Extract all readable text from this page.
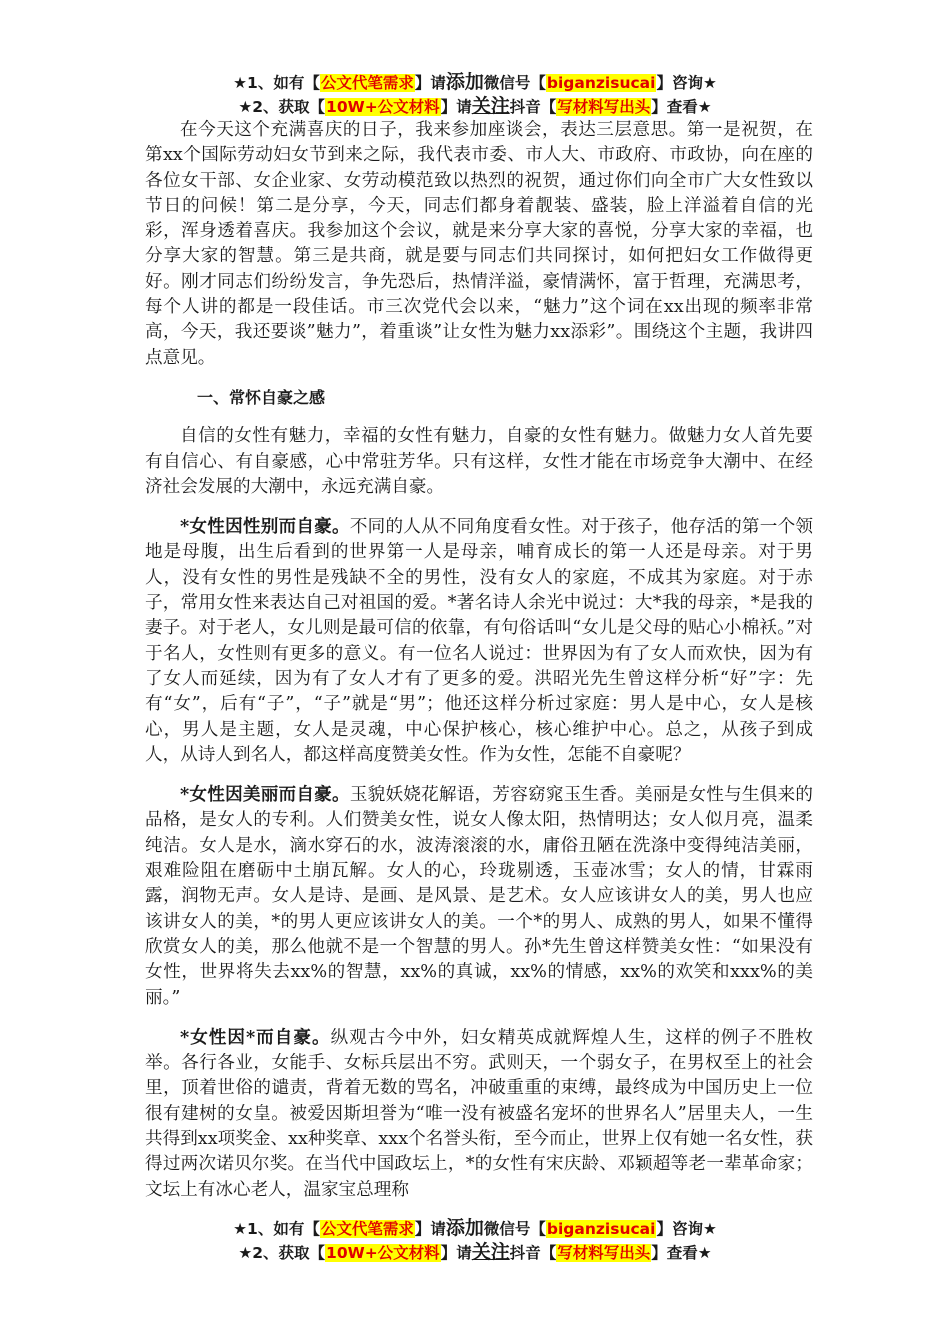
★1、如有【公文代笔需求】请添加微信号【biganzisucai】咨询★
★2、获取【10W+公文材料】请关注抖音【写材料写出头】查看★

在今天这个充满喜庆的日子，我来参加座谈会，表达三层意思。第一是祝贺，在第xx个国际劳动妇女节到来之际，我代表市委、市人大、市政府、市政协，向在座的各位女干部、女企业家、女劳动模范致以热烈的祝贺，通过你们向全市广大女性致以节日的问候！第二是分享，今天，同志们都身着靓装、盛装，脸上洋溢着自信的光彩，浑身透着喜庆。我参加这个会议，就是来分享大家的喜悦，分享大家的幸福，也分享大家的智慧。第三是共商，就是要与同志们共同探讨，如何把妇女工作做得更好。刚才同志们纷纷发言，争先恐后，热情洋溢，豪情满怀，富于哲理，充满思考，每个人讲的都是一段佳话。市三次党代会以来，“魅力”这个词在xx出现的频率非常高，今天，我还要谈”魅力”，着重谈”让女性为魅力xx添彩”。围绕这个主题，我讲四点意见。

一、常怀自豪之感

自信的女性有魅力，幸福的女性有魅力，自豪的女性有魅力。做魅力女人首先要有自信心、有自豪感，心中常驻芳华。只有这样，女性才能在市场竞争大潮中、在经济社会发展的大潮中，永远充满自豪。

*女性因性别而自豪。不同的人从不同角度看女性。对于孩子，他存活的第一个领地是母腹，出生后看到的世界第一人是母亲，哺育成长的第一人还是母亲。对于男人，没有女性的男性是残缺不全的男性，没有女人的家庭，不成其为家庭。对于赤子，常用女性来表达自己对祖国的爱。*著名诗人余光中说过：大*我的母亲，*是我的妻子。对于老人，女儿则是最可信的依靠，有句俗话叫“女儿是父母的贴心小棉袄。”对于名人，女性则有更多的意义。有一位名人说过：世界因为有了女人而欢快，因为有了女人而延续，因为有了女人才有了更多的爱。洪昭光先生曾这样分析“好”字：先有“女”，后有“子”，“子”就是“男”；他还这样分析过家庭：男人是中心，女人是核心，男人是主题，女人是灵魂，中心保护核心，核心维护中心。总之，从孩子到成人，从诗人到名人，都这样高度赞美女性。作为女性，怎能不自豪呢？

*女性因美丽而自豪。玉貌妖娆花解语，芳容窈窕玉生香。美丽是女性与生俱来的品格，是女人的专利。人们赞美女性，说女人像太阳，热情明达；女人似月亮，温柔纯洁。女人是水，滴水穿石的水，波涛滚滚的水，庸俗丑陋在洗涤中变得纯洁美丽，艰难险阻在磨砺中土崩瓦解。女人的心，玲珑剔透，玉壶冰雪；女人的情，甘霖雨露，润物无声。女人是诗、是画、是风景、是艺术。女人应该讲女人的美，男人也应该讲女人的美，*的男人更应该讲女人的美。一个*的男人、成熟的男人，如果不懂得欣赏女人的美，那么他就不是一个智慧的男人。孙*先生曾这样赞美女性：“如果没有女性，世界将失去xx%的智慧，xx%的真诚，xx%的情感，xx%的欢笑和xxx%的美丽。”

*女性因*而自豪。纵观古今中外，妇女精英成就辉煌人生，这样的例子不胜枚举。各行各业，女能手、女标兵层出不穷。武则天，一个弱女子，在男权至上的社会里，顶着世俗的谴责，背着无数的骂名，冲破重重的束缚，最终成为中国历史上一位很有建树的女皇。被爱因斯坦誉为“唯一没有被盛名宠坏的世界名人”居里夫人，一生共得到xx项奖金、xx种奖章、xxx个名誉头衔，至今而止，世界上仅有她一名女性，获得过两次诺贝尔奖。在当代中国政坛上，*的女性有宋庆龄、邓颖超等老一辈革命家；文坛上有冰心老人，温家宝总理称

★1、如有【公文代笔需求】请添加微信号【biganzisucai】咨询★
★2、获取【10W+公文材料】请关注抖音【写材料写出头】查看★
